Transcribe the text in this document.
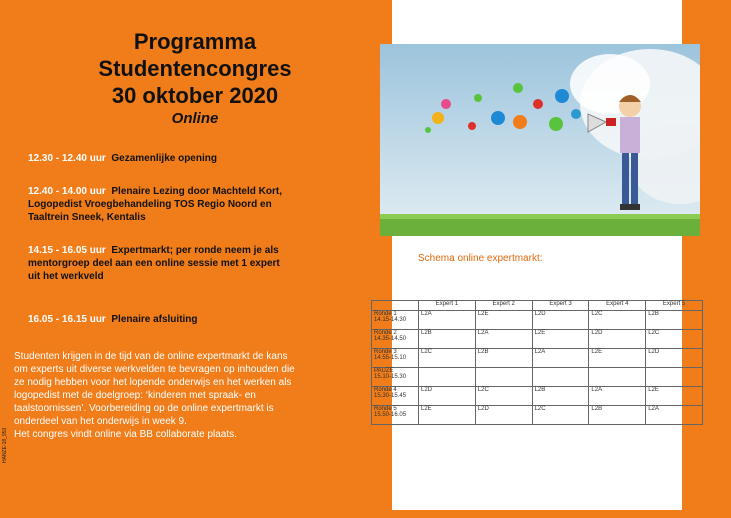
Programma
Studentencongres
30 oktober 2020
Online
12.30 - 12.40 uur Gezamenlijke opening
12.40 - 14.00 uur Plenaire Lezing door Machteld Kort, Logopedist Vroegbehandeling TOS Regio Noord en Taaltrein Sneek, Kentalis
14.15 - 16.05 uur Expertmarkt; per ronde neem je als mentorgroep deel aan een online sessie met 1 expert uit het werkveld
16.05 - 16.15 uur Plenaire afsluiting
Studenten krijgen in de tijd van de online expertmarkt de kans
om experts uit diverse werkvelden te bevragen op inhouden die
ze nodig hebben voor het lopende onderwijs en het werken als
logopedist met de doelgroep: ‘kinderen met spraak- en
taalstoornissen’. Voorbereiding op de online expertmarkt is
onderdeel van het onderwijs in week 9.
Het congres vindt online via BB collaborate plaats.
HANZE-18_953
Schema online expertmarkt:
	Expert 1	Expert 2	Expert 3	Expert 4	Expert 5
Ronde 1
14.15-14.30	L2A	L2E	L2D	L2C	L2B
Ronde 2
14.35-14.50	L2B	L2A	L2E	L2D	L2C
Ronde 3
14.55-15.10	L2C	L2B	L2A	L2E	L2D
PAUZE
15.10-15.30					
Ronde 4
15.30-15.45	L2D	L2C	L2B	L2A	L2E
Ronde 5
15.50-16.05	L2E	L2D	L2C	L2B	L2A
